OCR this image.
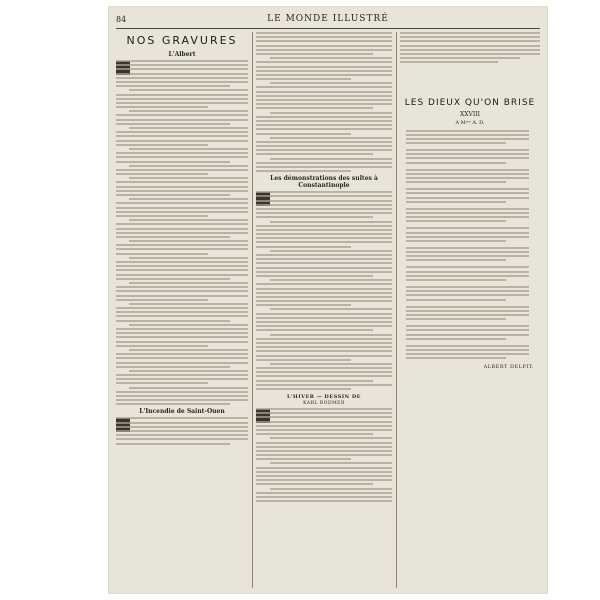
84	LE MONDE ILLUSTRÉ
NOS GRAVURES
L'Albert
L'Incendie de Saint-Ouen
Les démonstrations des sultes à Constantinople
L'HIVER — DESSIN DE
KARL BODMER
LES DIEUX QU'ON BRISE
XXVIII
A Mᵐᵉ A. D.
ALBERT DELPIT.
